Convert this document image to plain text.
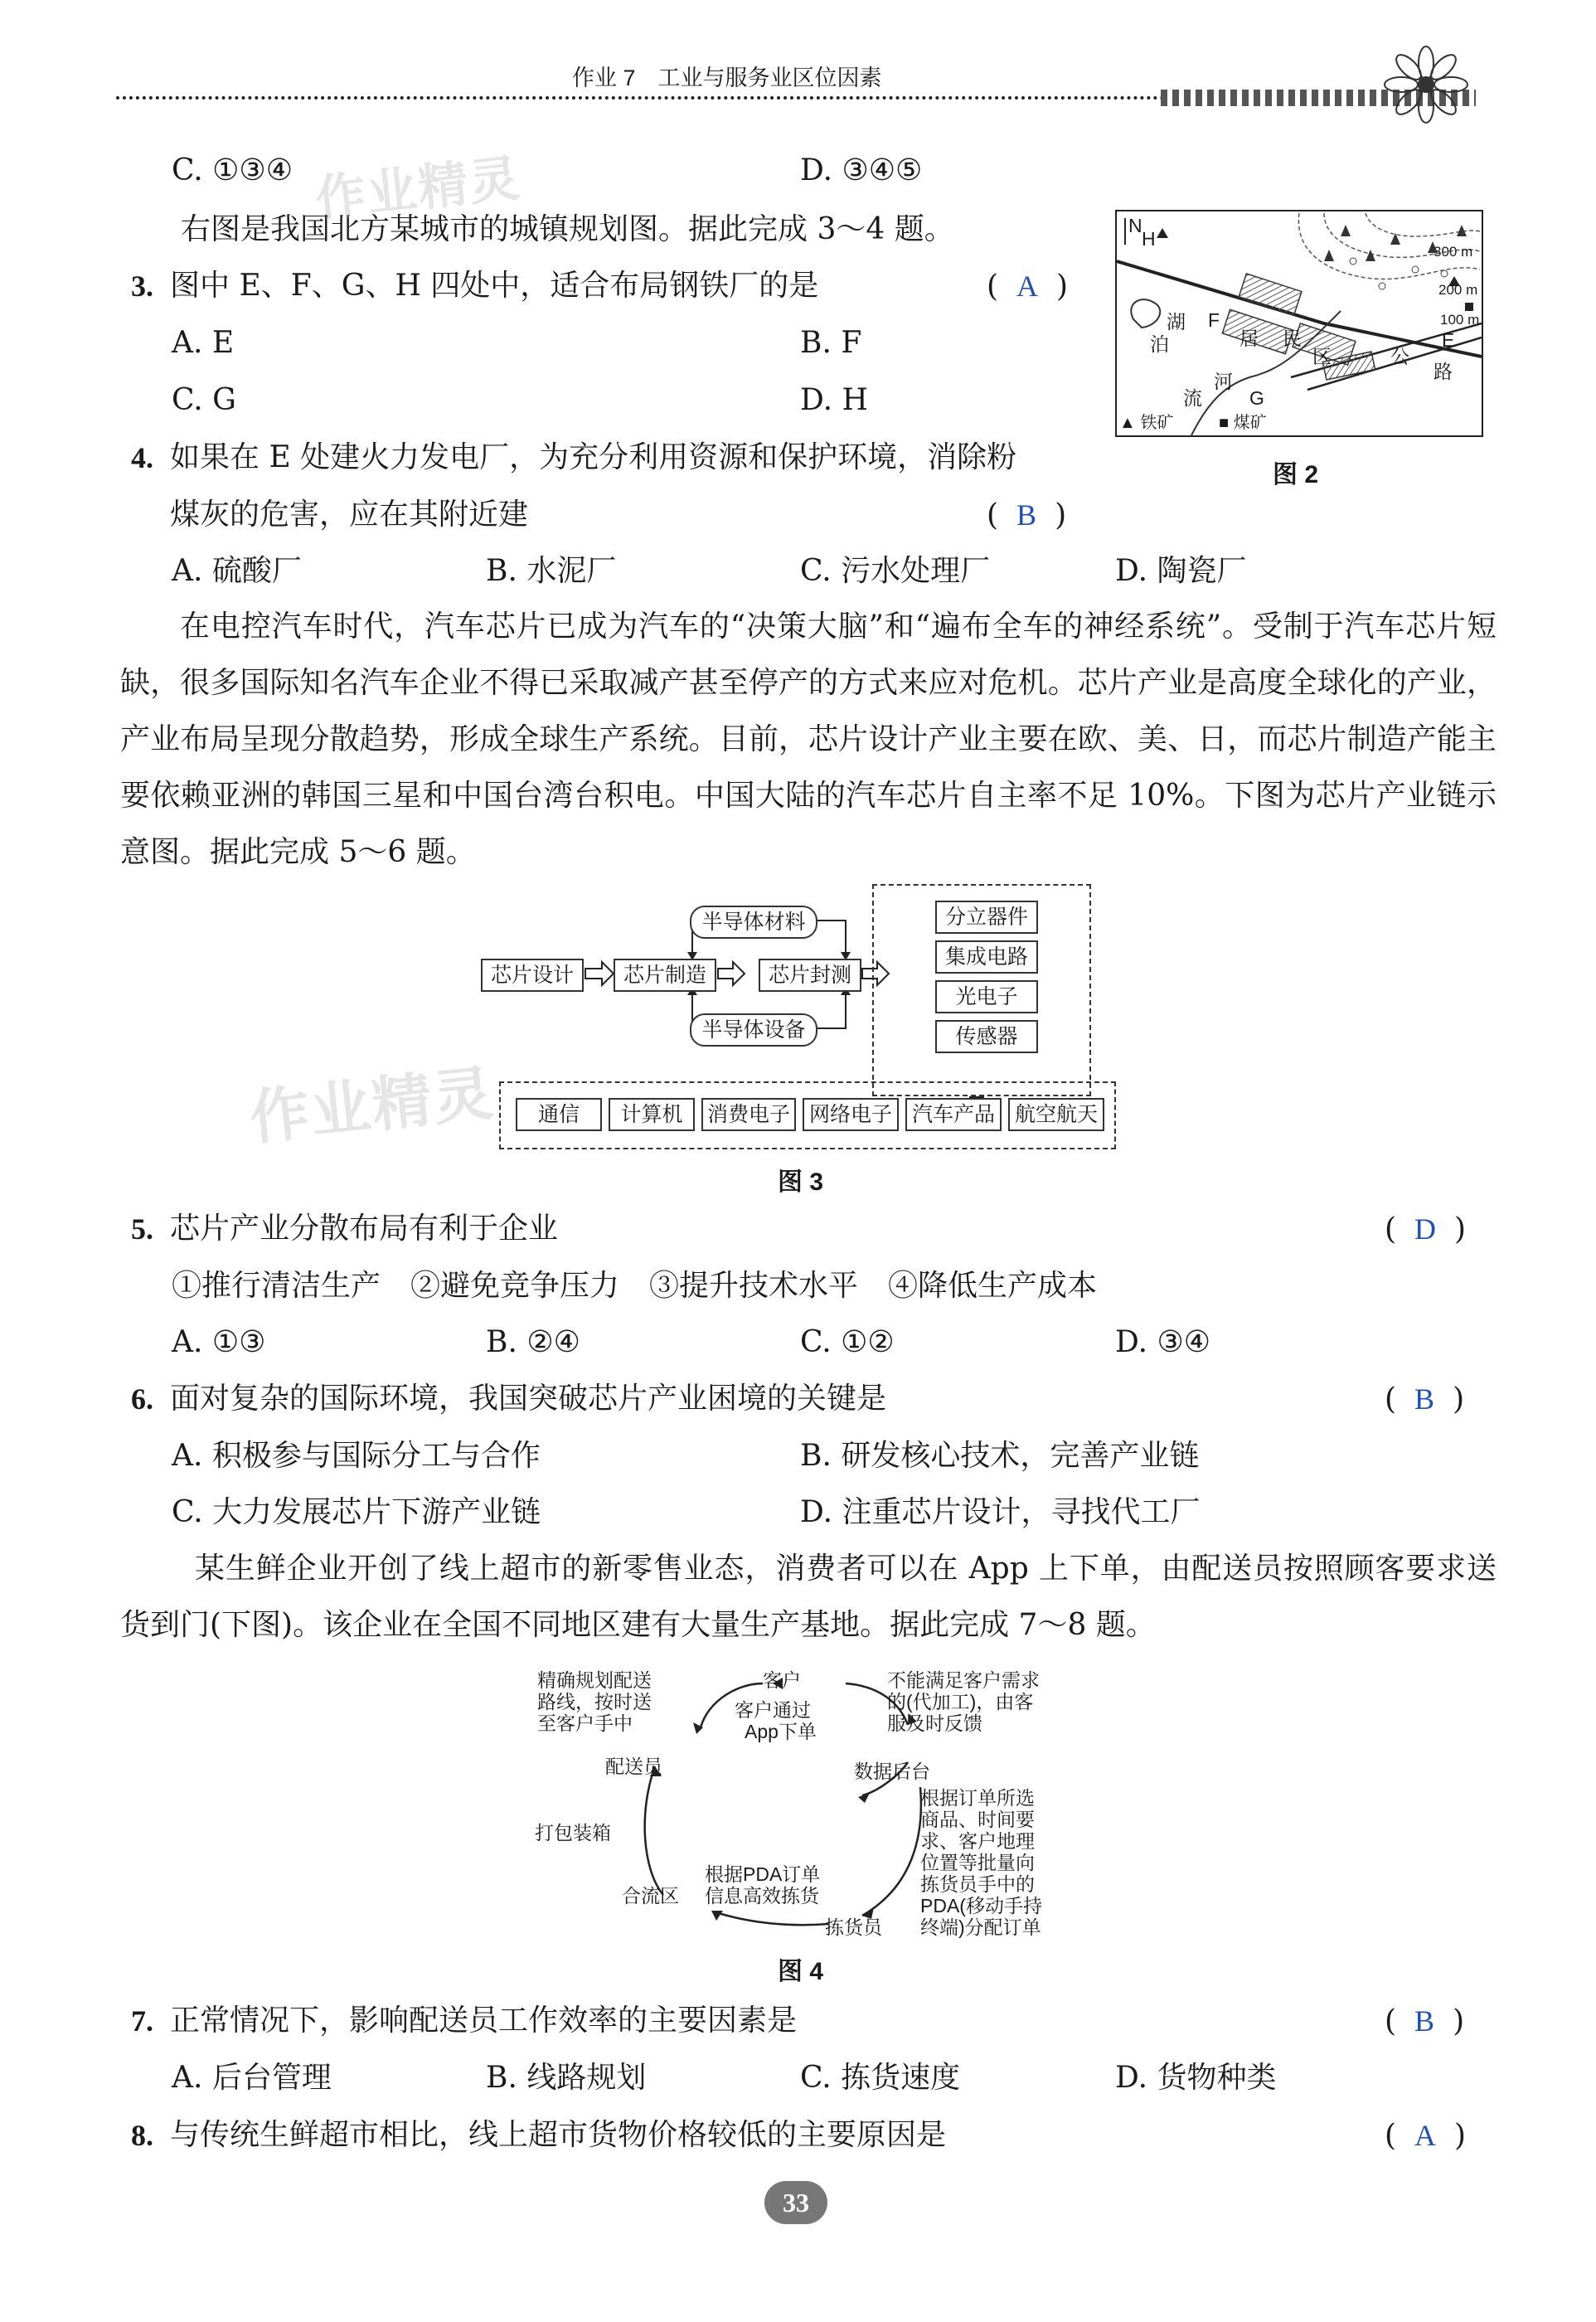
作业 7　工业与服务业区位因素
C. ①③④	D. ③④⑤
右图是我国北方某城市的城镇规划图。据此完成 3～4 题。
3. 图中 E、F、G、H 四处中，适合布局钢铁厂的是	( A )
A. E	B. F
C. G	D. H
4. 如果在 E 处建火力发电厂，为充分利用资源和保护环境，消除粉
煤灰的危害，应在其附近建	( B )
A. 硫酸厂	B. 水泥厂	C. 污水处理厂	D. 陶瓷厂
N
H
F
G
E
湖
泊	居 民
区
流
河
公
路
300 m
200 m
100 m
▲ 铁矿	■ 煤矿
图 2
在电控汽车时代，汽车芯片已成为汽车的“决策大脑”和“遍布全车的神经系统”。受制于汽车芯片短缺，很多国际知名汽车企业不得已采取减产甚至停产的方式来应对危机。芯片产业是高度全球化的产业，产业布局呈现分散趋势，形成全球生产系统。目前，芯片设计产业主要在欧、美、日，而芯片制造产能主要依赖亚洲的韩国三星和中国台湾台积电。中国大陆的汽车芯片自主率不足 10%。下图为芯片产业链示意图。据此完成 5～6 题。
芯片设计	芯片制造	芯片封测
半导体材料
半导体设备
分立器件
集成电路
光电子
传感器
通信	计算机	消费电子 网络电子 汽车产品 航空航天
图 3
作业精灵
作业精灵
5. 芯片产业分散布局有利于企业	( D )
①推行清洁生产　②避免竞争压力　③提升技术水平　④降低生产成本
A. ①③	B. ②④	C. ①②	D. ③④
6. 面对复杂的国际环境，我国突破芯片产业困境的关键是	( B )
A. 积极参与国际分工与合作	B. 研发核心技术，完善产业链
C. 大力发展芯片下游产业链	D. 注重芯片设计，寻找代工厂
某生鲜企业开创了线上超市的新零售业态，消费者可以在 App 上下单，由配送员按照顾客要求送货到门(下图)。该企业在全国不同地区建有大量生产基地。据此完成 7～8 题。
客户
数据后台
拣货员
合流区
配送员
精确规划配送
路线，按时送
至客户手中
客户通过
App下单
不能满足客户需求
的(代加工)，由客
服及时反馈
根据订单所选
商品、时间要
求、客户地理
位置等批量向
拣货员手中的
PDA(移动手持
终端)分配订单
根据PDA订单
信息高效拣货
打包装箱
图 4
7. 正常情况下，影响配送员工作效率的主要因素是	( B )
A. 后台管理	B. 线路规划	C. 拣货速度	D. 货物种类
8. 与传统生鲜超市相比，线上超市货物价格较低的主要原因是	( A )
33
